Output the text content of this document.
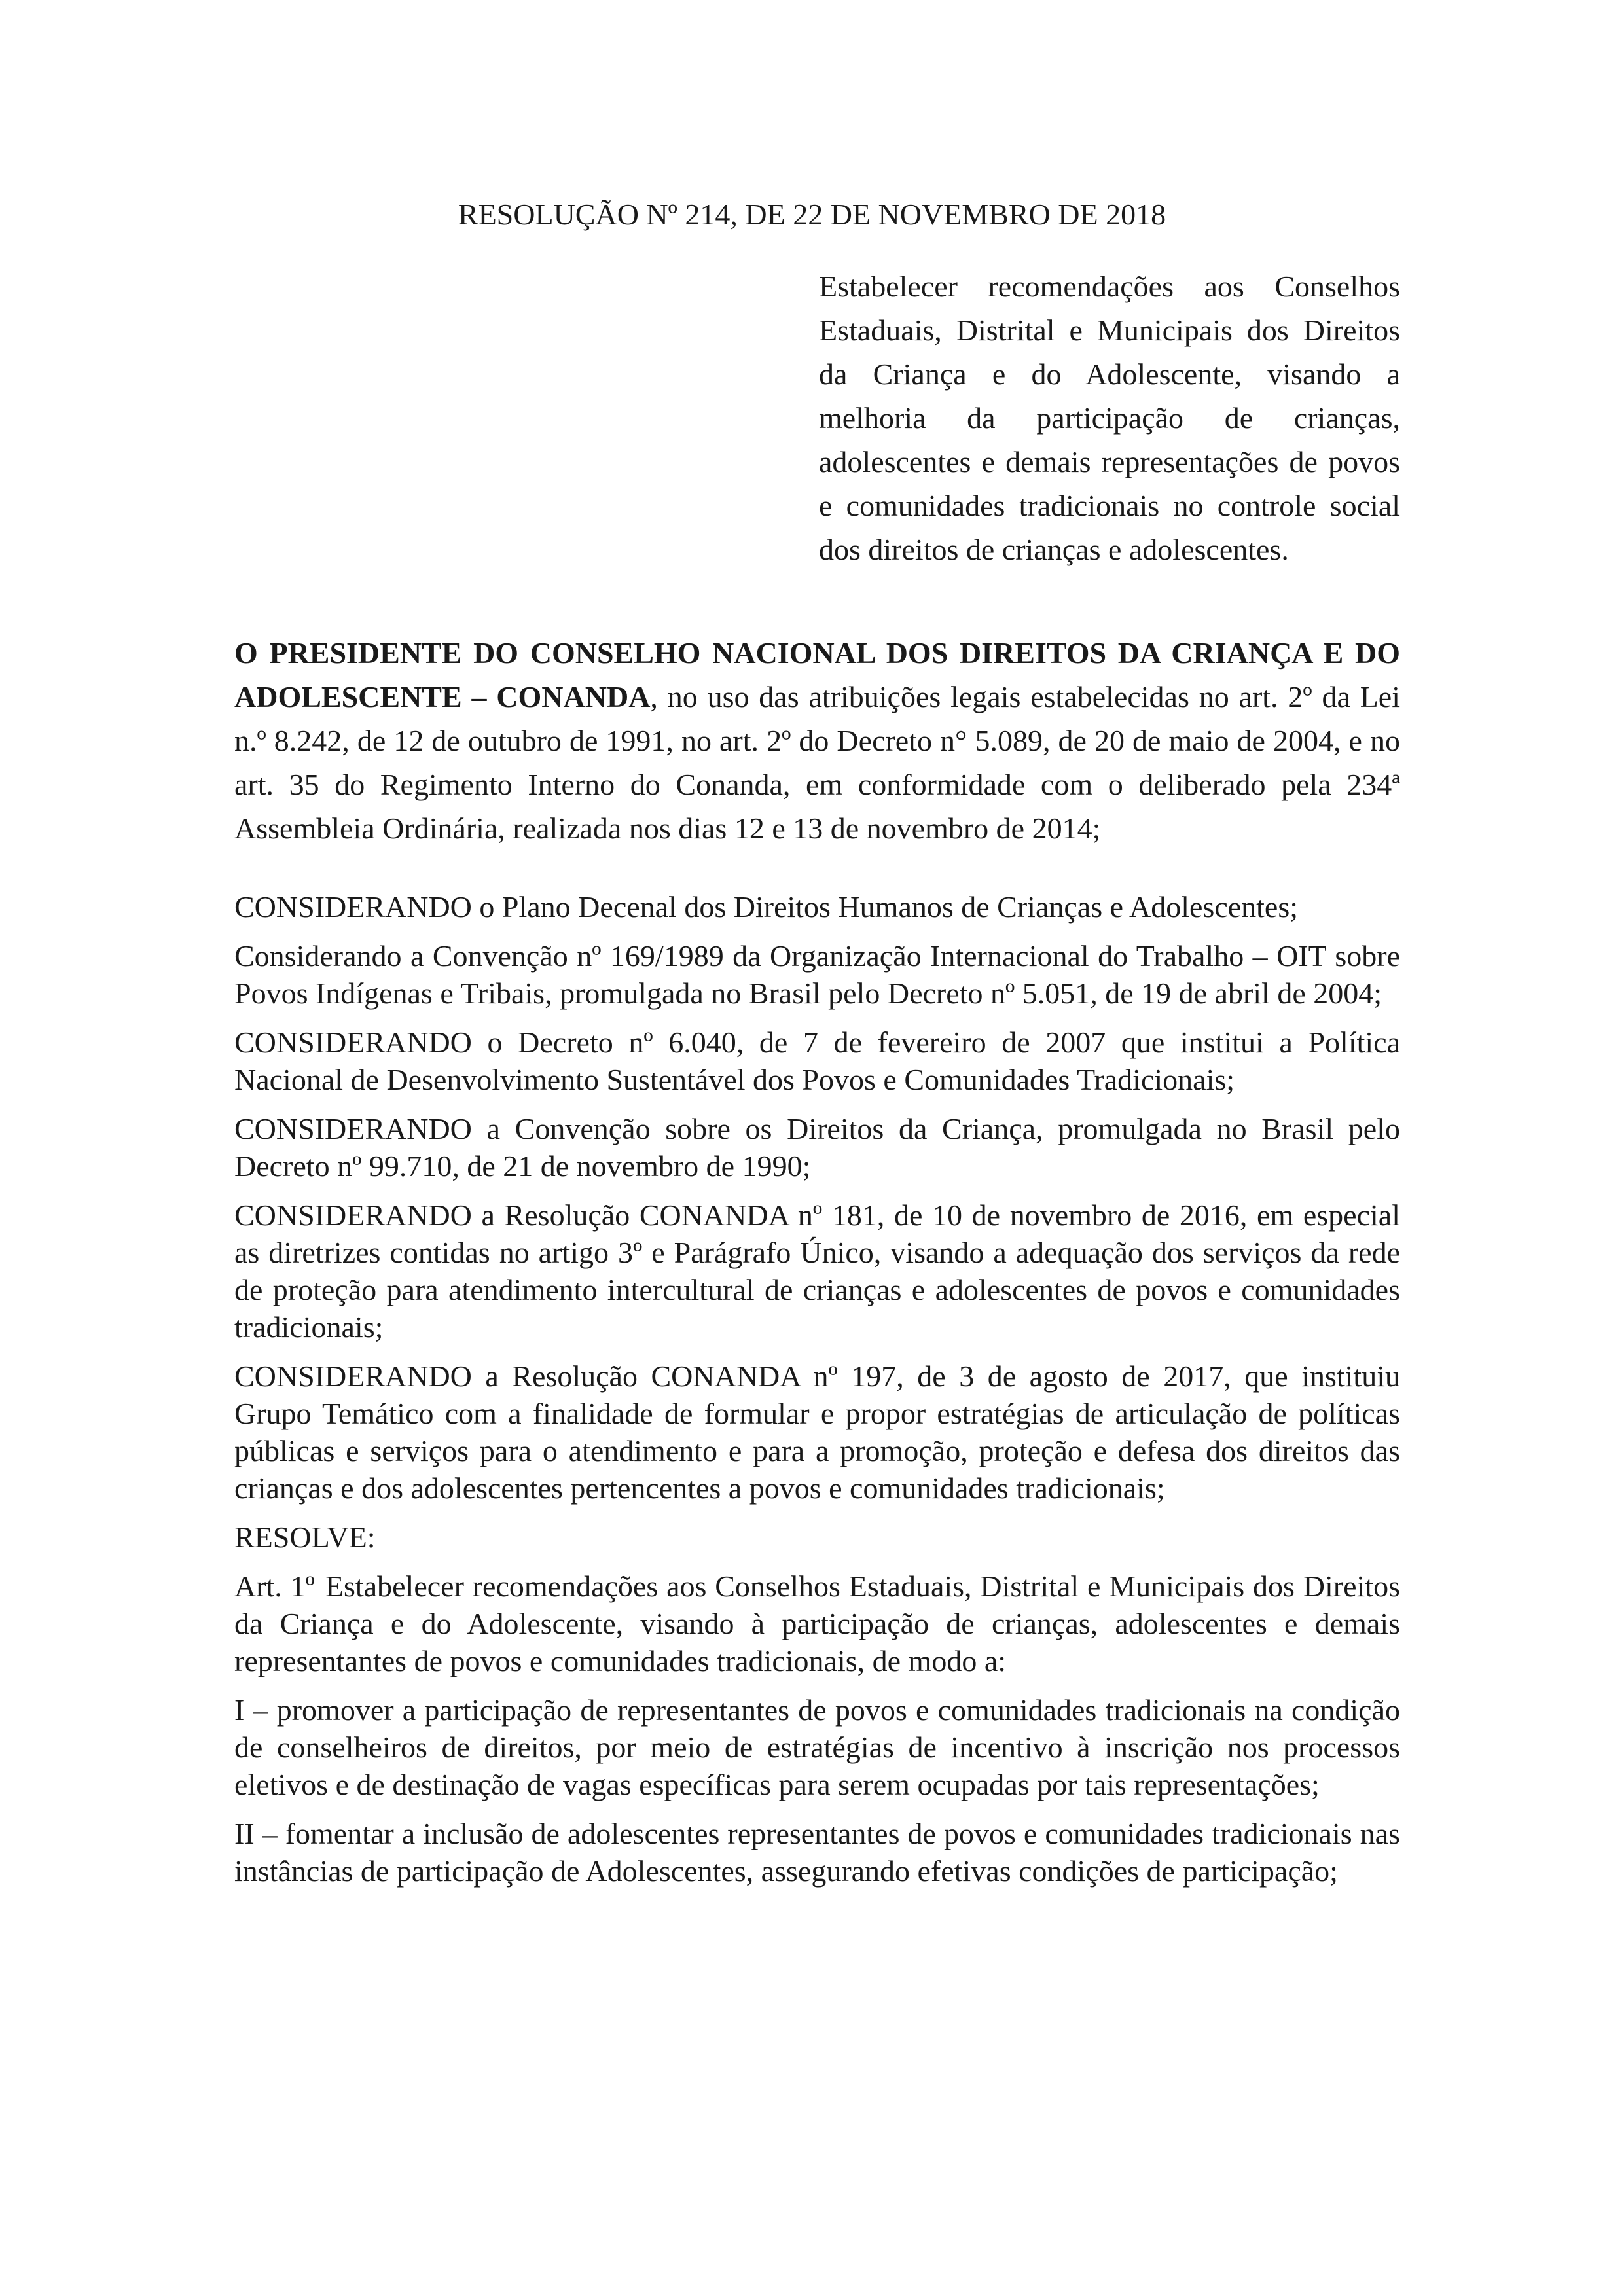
RESOLUÇÃO Nº 214, DE 22 DE NOVEMBRO DE 2018
Estabelecer recomendações aos Conselhos Estaduais, Distrital e Municipais dos Direitos da Criança e do Adolescente, visando a melhoria da participação de crianças, adolescentes e demais representações de povos e comunidades tradicionais no controle social dos direitos de crianças e adolescentes.

O PRESIDENTE DO CONSELHO NACIONAL DOS DIREITOS DA CRIANÇA E DO ADOLESCENTE – CONANDA, no uso das atribuições legais estabelecidas no art. 2º da Lei n.º 8.242, de 12 de outubro de 1991, no art. 2º do Decreto n° 5.089, de 20 de maio de 2004, e no art. 35 do Regimento Interno do Conanda, em conformidade com o deliberado pela 234ª Assembleia Ordinária, realizada nos dias 12 e 13 de novembro de 2014;

CONSIDERANDO o Plano Decenal dos Direitos Humanos de Crianças e Adolescentes;

Considerando a Convenção nº 169/1989 da Organização Internacional do Trabalho – OIT sobre Povos Indígenas e Tribais, promulgada no Brasil pelo Decreto nº 5.051, de 19 de abril de 2004;

CONSIDERANDO o Decreto nº 6.040, de 7 de fevereiro de 2007 que institui a Política Nacional de Desenvolvimento Sustentável dos Povos e Comunidades Tradicionais;

CONSIDERANDO a Convenção sobre os Direitos da Criança, promulgada no Brasil pelo Decreto nº 99.710, de 21 de novembro de 1990;

CONSIDERANDO a Resolução CONANDA nº 181, de 10 de novembro de 2016, em especial as diretrizes contidas no artigo 3º e Parágrafo Único, visando a adequação dos serviços da rede de proteção para atendimento intercultural de crianças e adolescentes de povos e comunidades tradicionais;

CONSIDERANDO a Resolução CONANDA nº 197, de 3 de agosto de 2017, que instituiu Grupo Temático com a finalidade de formular e propor estratégias de articulação de políticas públicas e serviços para o atendimento e para a promoção, proteção e defesa dos direitos das crianças e dos adolescentes pertencentes a povos e comunidades tradicionais;

RESOLVE:

Art. 1º Estabelecer recomendações aos Conselhos Estaduais, Distrital e Municipais dos Direitos da Criança e do Adolescente, visando à participação de crianças, adolescentes e demais representantes de povos e comunidades tradicionais, de modo a:

I – promover a participação de representantes de povos e comunidades tradicionais na condição de conselheiros de direitos, por meio de estratégias de incentivo à inscrição nos processos eletivos e de destinação de vagas específicas para serem ocupadas por tais representações;

II – fomentar a inclusão de adolescentes representantes de povos e comunidades tradicionais nas instâncias de participação de Adolescentes, assegurando efetivas condições de participação;
